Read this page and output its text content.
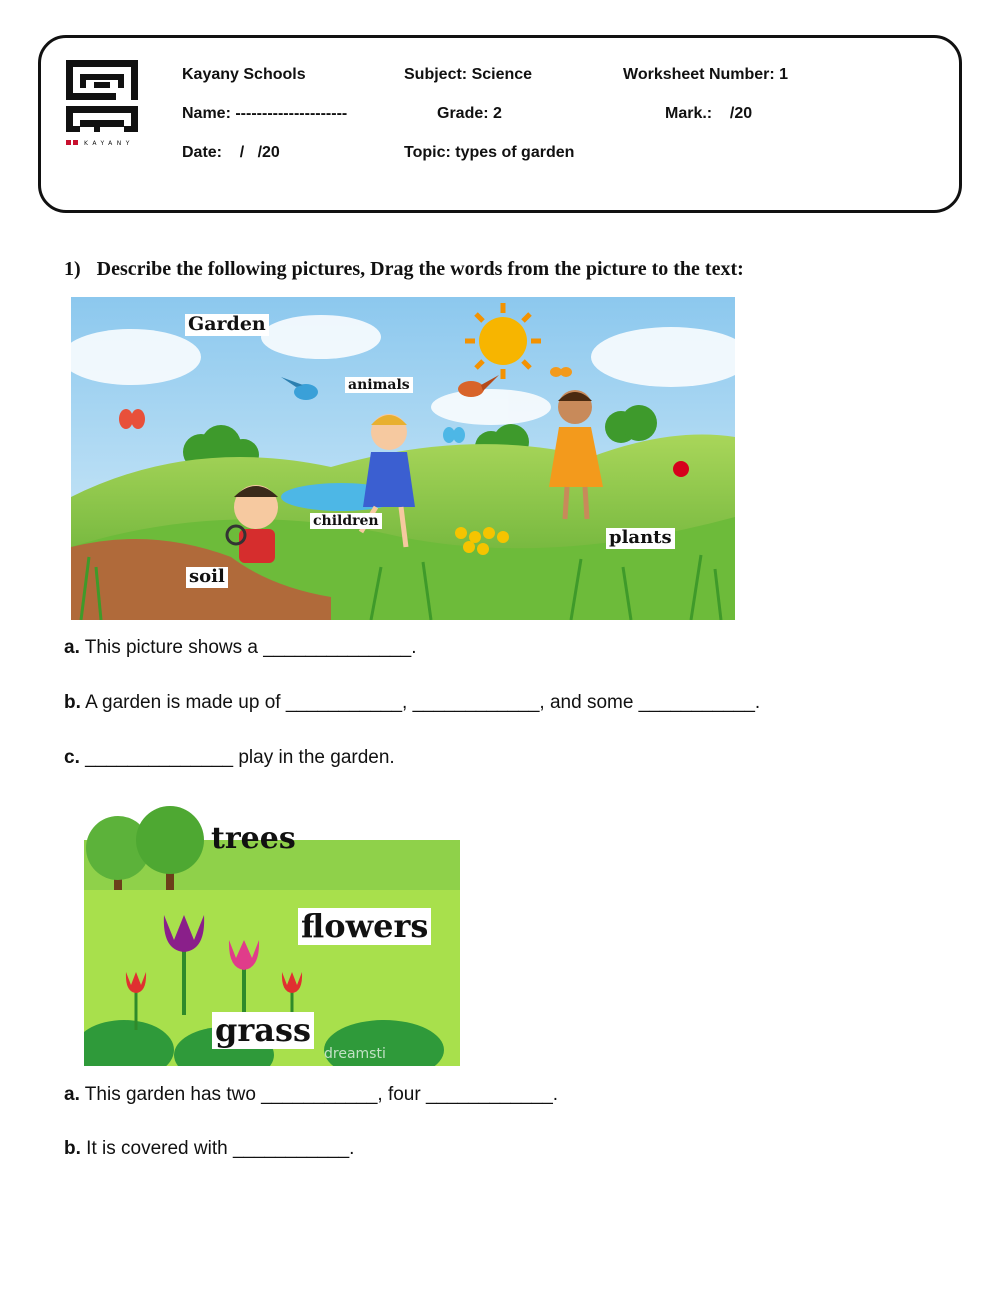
KAYANY
Kayany Schools	Subject: Science	Worksheet Number: 1
Name: ---------------------	Grade: 2	Mark.:    /20
Date:    /   /20	Topic: types of garden
1) Describe the following pictures, Drag the words from the picture to the text:
Garden
animals
children
plants
soil
a. This picture shows a ______________.
b. A garden is made up of ___________, ____________, and some ___________.
c. ______________ play in the garden.
dreamsti
trees
flowers
grass
a. This garden has two ___________, four ____________.
b. It is covered with ___________.
